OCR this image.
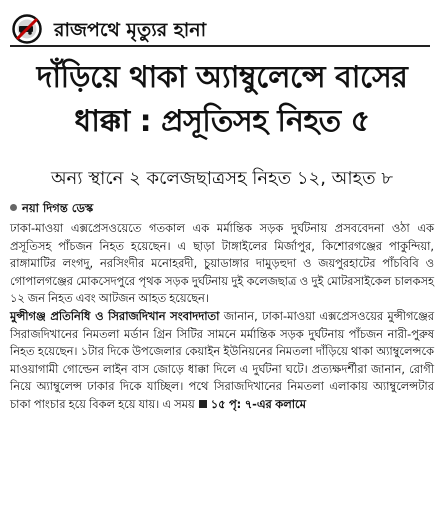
রাজপথে মৃত্যুর হানা
দাঁড়িয়ে থাকা অ্যাম্বুলেন্সে বাসের
ধাক্কা : প্রসূতিসহ নিহত ৫
অন্য স্থানে ২ কলেজছাত্রসহ নিহত ১২, আহত ৮
নয়া দিগন্ত ডেস্ক

ঢাকা-মাওয়া এক্সপ্রেসওয়েতে গতকাল এক মর্মান্তিক সড়ক দুর্ঘটনায় প্রসববেদনা ওঠা এক প্রসূতিসহ পাঁচজন নিহত হয়েছেন। এ ছাড়া টাঙ্গাইলের মির্জাপুর, কিশোরগঞ্জের পাকুন্দিয়া, রাঙ্গামাটির লংগদু, নরসিংদীর মনোহরদী, চুয়াডাঙ্গার দামুড়হুদা ও জয়পুরহাটের পাঁচবিবি ও গোপালগঞ্জের মোকসেদপুরে পৃথক সড়ক দুর্ঘটনায় দুই কলেজছাত্র ও দুই মোটরসাইকেল চালকসহ ১২ জন নিহত এবং আটজন আহত হয়েছেন।

মুন্সীগঞ্জ প্রতিনিধি ও সিরাজদিখান সংবাদদাতা জানান, ঢাকা-মাওয়া এক্সপ্রেসওয়ের মুন্সীগঞ্জের সিরাজদিখানের নিমতলা মর্ডান গ্রিন সিটির সামনে মর্মান্তিক সড়ক দুর্ঘটনায় পাঁচজন নারী-পুরুষ নিহত হয়েছেন। ১টার দিকে উপজেলার কেয়াইন ইউনিয়নের নিমতলা দাঁড়িয়ে থাকা অ্যাম্বুলেন্সকে মাওয়াগামী গোল্ডেন লাইন বাস জোড়ে ধাক্কা দিলে এ দুর্ঘটনা ঘটে। প্রত্যক্ষদর্শীরা জানান, রোগী নিয়ে অ্যাম্বুলেন্স ঢাকার দিকে যাচ্ছিল। পথে সিরাজদিখানের নিমতলা এলাকায় অ্যাম্বুলেন্সটার চাকা পাংচার হয়ে বিকল হয়ে যায়। এ সময় ১৫ পৃ: ৭-এর কলামে
